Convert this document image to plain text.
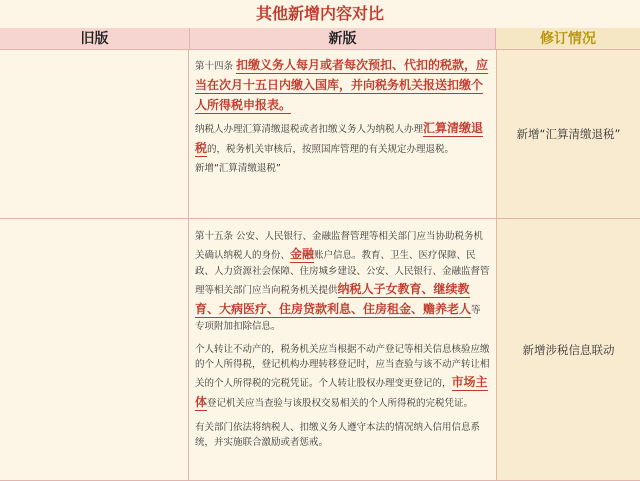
其他新增内容对比
旧版	新版	修订情况

第十四条 扣缴义务人每月或者每次预扣、代扣的税款，应当在次月十五日内缴入国库，并向税务机关报送扣缴个人所得税申报表。

纳税人办理汇算清缴退税或者扣缴义务人为纳税人办理汇算清缴退税的，税务机关审核后，按照国库管理的有关规定办理退税。

新增“汇算清缴退税”

新增“汇算清缴退税”

第十五条 公安、人民银行、金融监督管理等相关部门应当协助税务机关确认纳税人的身份、金融账户信息。教育、卫生、医疗保障、民政、人力资源社会保障、住房城乡建设、公安、人民银行、金融监督管理等相关部门应当向税务机关提供纳税人子女教育、继续教育、大病医疗、住房贷款利息、住房租金、赡养老人等专项附加扣除信息。

个人转让不动产的，税务机关应当根据不动产登记等相关信息核验应缴的个人所得税，登记机构办理转移登记时，应当查验与该不动产转让相关的个人所得税的完税凭证。个人转让股权办理变更登记的，市场主体登记机关应当查验与该股权交易相关的个人所得税的完税凭证。

有关部门依法将纳税人、扣缴义务人遵守本法的情况纳入信用信息系统，并实施联合激励或者惩戒。

新增涉税信息联动
